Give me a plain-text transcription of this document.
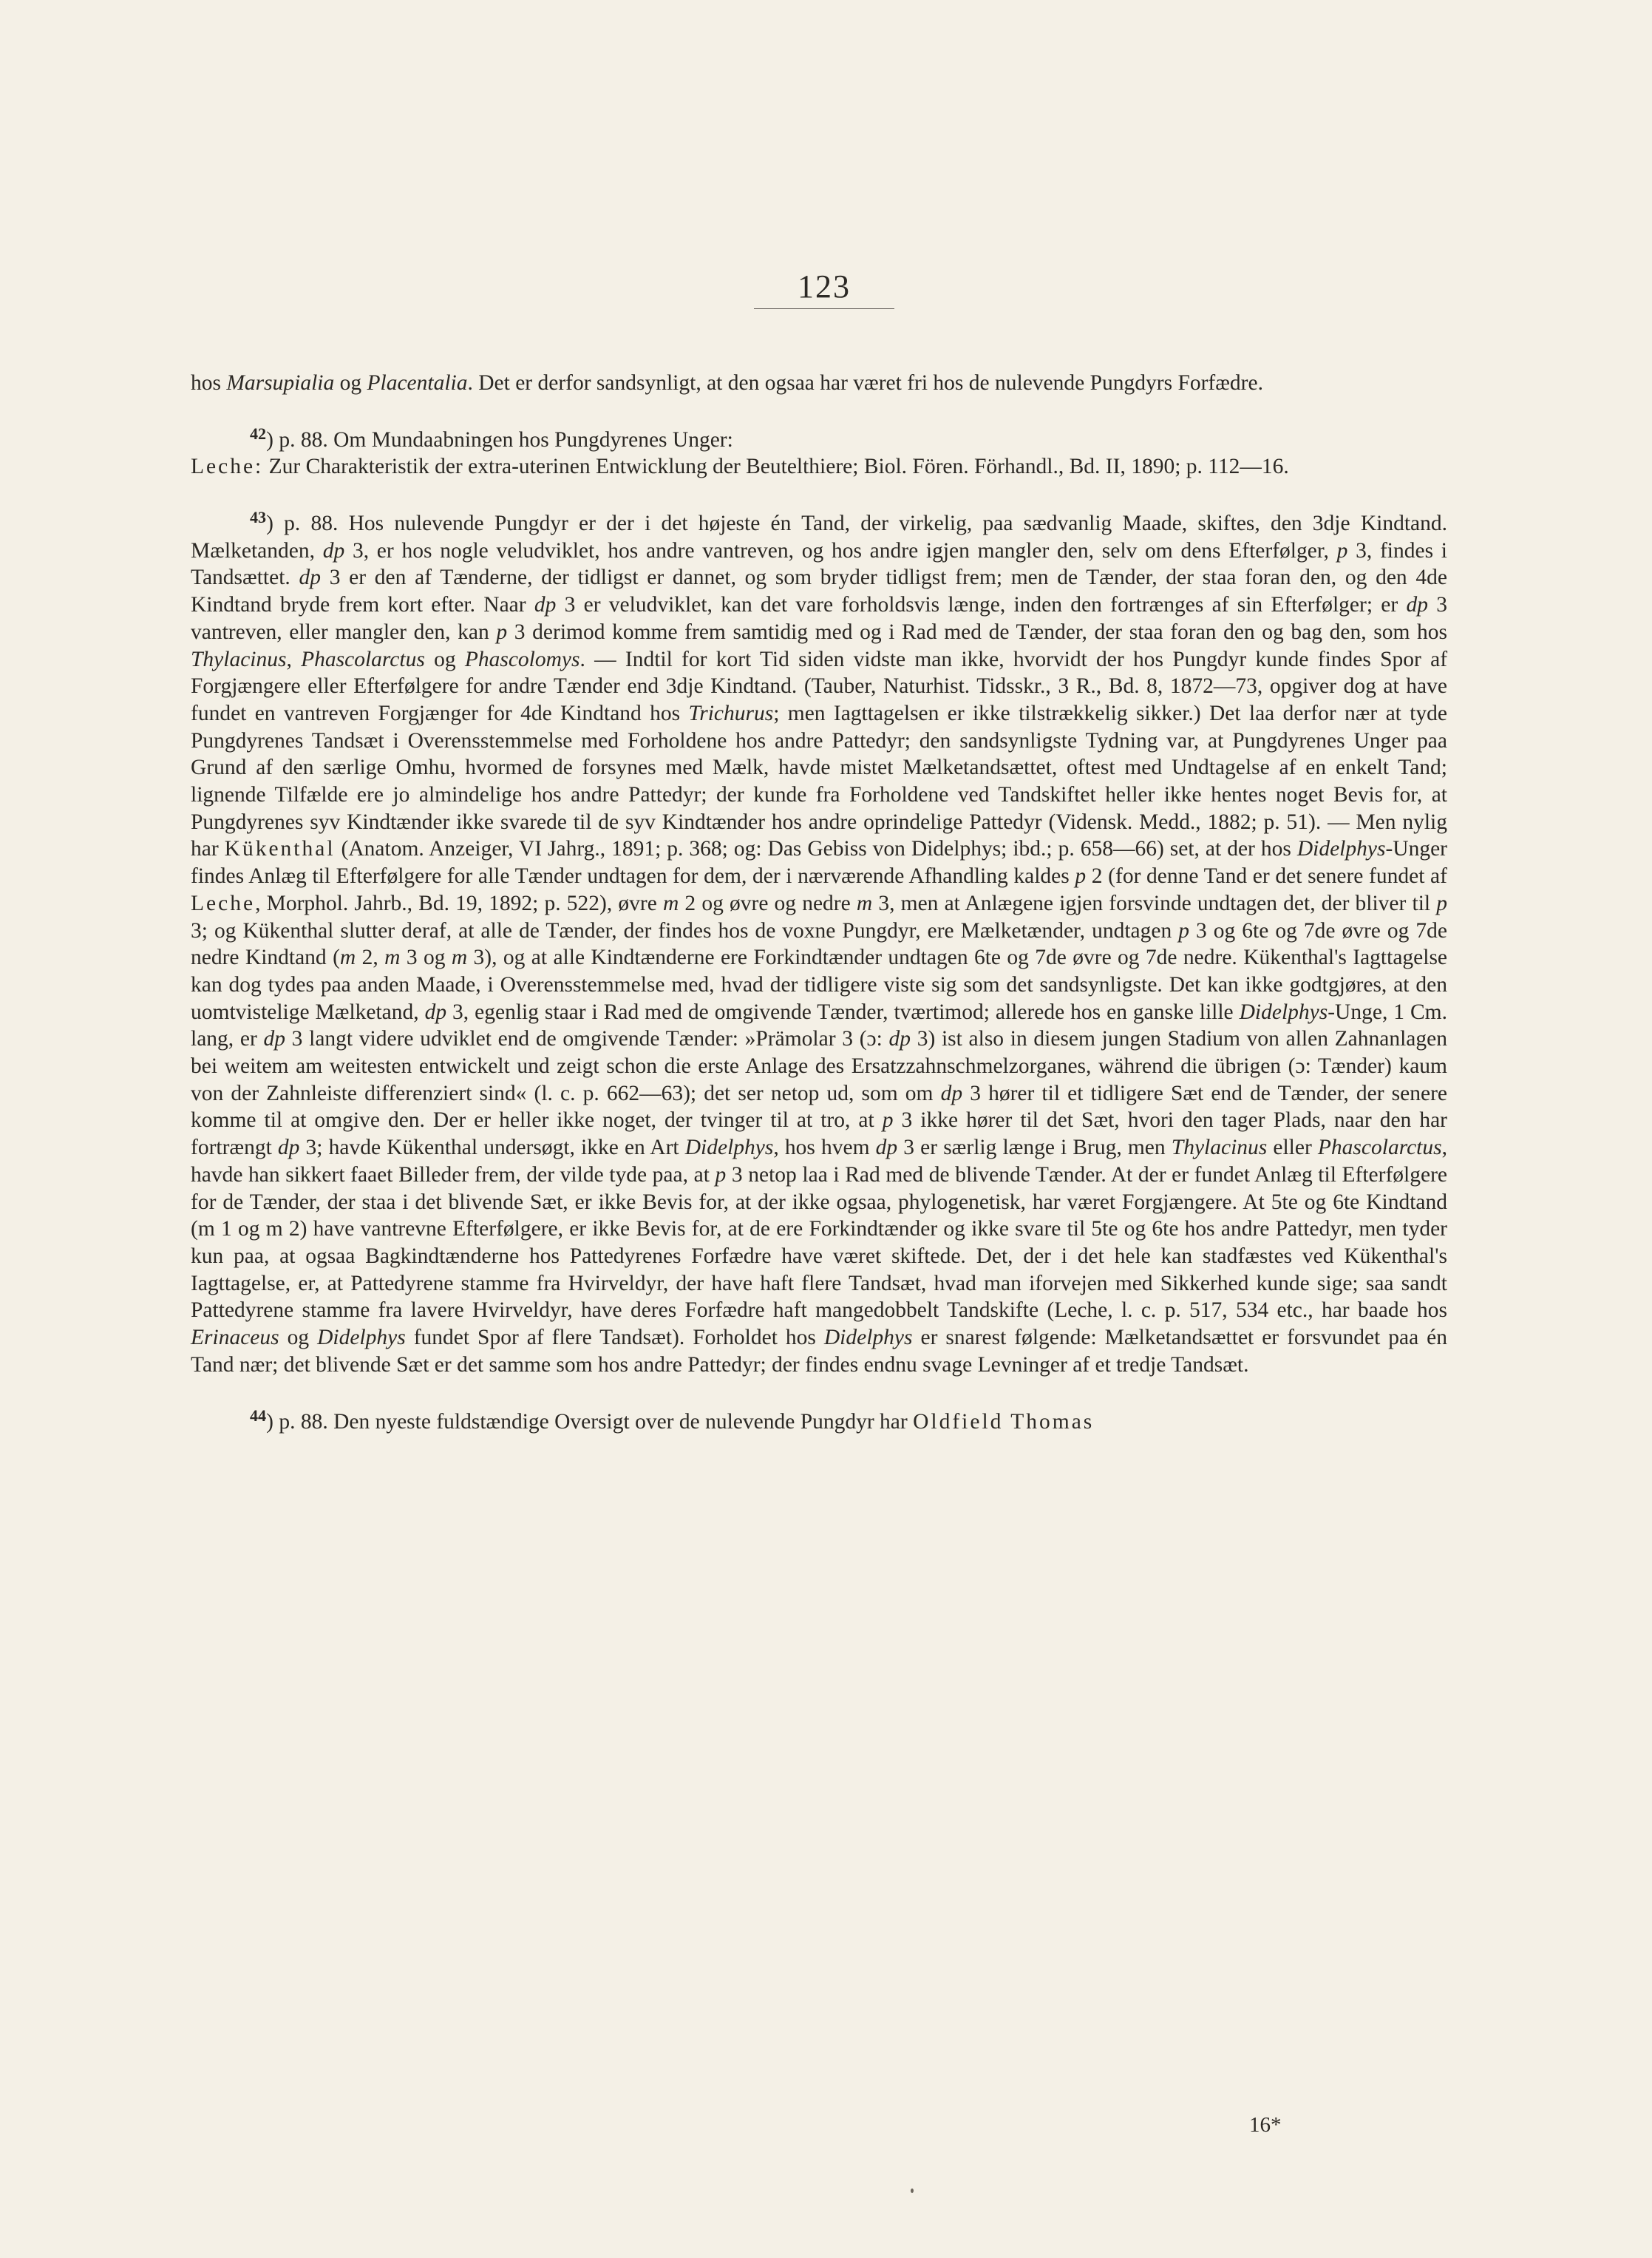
123

hos Marsupialia og Placentalia. Det er derfor sandsynligt, at den ogsaa har været fri hos de nulevende Pungdyrs Forfædre.

$^{42}$) p. 88. Om Mundaabningen hos Pungdyrenes Unger:

Leche: Zur Charakteristik der extra-uterinen Entwicklung der Beutelthiere; Biol. Fören. Förhandl., Bd. II, 1890; p. 112—16.

$^{43}$) p. 88. Hos nulevende Pungdyr er der i det højeste én Tand, der virkelig, paa sædvanlig Maade, skiftes, den 3dje Kindtand. Mælketanden, dp 3, er hos nogle veludviklet, hos andre vantreven, og hos andre igjen mangler den, selv om dens Efterfølger, p 3, findes i Tandsættet. dp 3 er den af Tænderne, der tidligst er dannet, og som bryder tidligst frem; men de Tænder, der staa foran den, og den 4de Kindtand bryde frem kort efter. Naar dp 3 er veludviklet, kan det vare forholdsvis længe, inden den fortrænges af sin Efterfølger; er dp 3 vantreven, eller mangler den, kan p 3 derimod komme frem samtidig med og i Rad med de Tænder, der staa foran den og bag den, som hos Thylacinus, Phascolarctus og Phascolomys. — Indtil for kort Tid siden vidste man ikke, hvorvidt der hos Pungdyr kunde findes Spor af Forgjængere eller Efterfølgere for andre Tænder end 3dje Kindtand. (Tauber, Naturhist. Tidsskr., 3 R., Bd. 8, 1872—73, opgiver dog at have fundet en vantreven Forgjænger for 4de Kindtand hos Trichurus; men Iagttagelsen er ikke tilstrækkelig sikker.) Det laa derfor nær at tyde Pungdyrenes Tandsæt i Overensstemmelse med Forholdene hos andre Pattedyr; den sandsynligste Tydning var, at Pungdyrenes Unger paa Grund af den særlige Omhu, hvormed de forsynes med Mælk, havde mistet Mælketandsættet, oftest med Undtagelse af en enkelt Tand; lignende Tilfælde ere jo almindelige hos andre Pattedyr; der kunde fra Forholdene ved Tandskiftet heller ikke hentes noget Bevis for, at Pungdyrenes syv Kindtænder ikke svarede til de syv Kindtænder hos andre oprindelige Pattedyr (Vidensk. Medd., 1882; p. 51). — Men nylig har Kükenthal (Anatom. Anzeiger, VI Jahrg., 1891; p. 368; og: Das Gebiss von Didelphys; ibd.; p. 658—66) set, at der hos Didelphys-Unger findes Anlæg til Efterfølgere for alle Tænder undtagen for dem, der i nærværende Afhandling kaldes p 2 (for denne Tand er det senere fundet af Leche, Morphol. Jahrb., Bd. 19, 1892; p. 522), øvre m 2 og øvre og nedre m 3, men at Anlægene igjen forsvinde undtagen det, der bliver til p 3; og Kükenthal slutter deraf, at alle de Tænder, der findes hos de voxne Pungdyr, ere Mælketænder, undtagen p 3 og 6te og 7de øvre og 7de nedre Kindtand (m 2, m 3 og m 3), og at alle Kindtænderne ere Forkindtænder undtagen 6te og 7de øvre og 7de nedre. Kükenthal's Iagttagelse kan dog tydes paa anden Maade, i Overensstemmelse med, hvad der tidligere viste sig som det sandsynligste. Det kan ikke godtgjøres, at den uomtvistelige Mælketand, dp 3, egenlig staar i Rad med de omgivende Tænder, tværtimod; allerede hos en ganske lille Didelphys-Unge, 1 Cm. lang, er dp 3 langt videre udviklet end de omgivende Tænder: »Prämolar 3 (ɔ: dp 3) ist also in diesem jungen Stadium von allen Zahnanlagen bei weitem am weitesten entwickelt und zeigt schon die erste Anlage des Ersatzzahnschmelzorganes, während die übrigen (ɔ: Tænder) kaum von der Zahnleiste differenziert sind« (l. c. p. 662—63); det ser netop ud, som om dp 3 hører til et tidligere Sæt end de Tænder, der senere komme til at omgive den. Der er heller ikke noget, der tvinger til at tro, at p 3 ikke hører til det Sæt, hvori den tager Plads, naar den har fortrængt dp 3; havde Kükenthal undersøgt, ikke en Art Didelphys, hos hvem dp 3 er særlig længe i Brug, men Thylacinus eller Phascolarctus, havde han sikkert faaet Billeder frem, der vilde tyde paa, at p 3 netop laa i Rad med de blivende Tænder. At der er fundet Anlæg til Efterfølgere for de Tænder, der staa i det blivende Sæt, er ikke Bevis for, at der ikke ogsaa, phylogenetisk, har været Forgjængere. At 5te og 6te Kindtand (m 1 og m 2) have vantrevne Efterfølgere, er ikke Bevis for, at de ere Forkindtænder og ikke svare til 5te og 6te hos andre Pattedyr, men tyder kun paa, at ogsaa Bagkindtænderne hos Pattedyrenes Forfædre have været skiftede. Det, der i det hele kan stadfæstes ved Kükenthal's Iagttagelse, er, at Pattedyrene stamme fra Hvirveldyr, der have haft flere Tandsæt, hvad man iforvejen med Sikkerhed kunde sige; saa sandt Pattedyrene stamme fra lavere Hvirveldyr, have deres Forfædre haft mangedobbelt Tandskifte (Leche, l. c. p. 517, 534 etc., har baade hos Erinaceus og Didelphys fundet Spor af flere Tandsæt). Forholdet hos Didelphys er snarest følgende: Mælketandsættet er forsvundet paa én Tand nær; det blivende Sæt er det samme som hos andre Pattedyr; der findes endnu svage Levninger af et tredje Tandsæt.

$^{44}$) p. 88. Den nyeste fuldstændige Oversigt over de nulevende Pungdyr har Oldfield Thomas

16*
